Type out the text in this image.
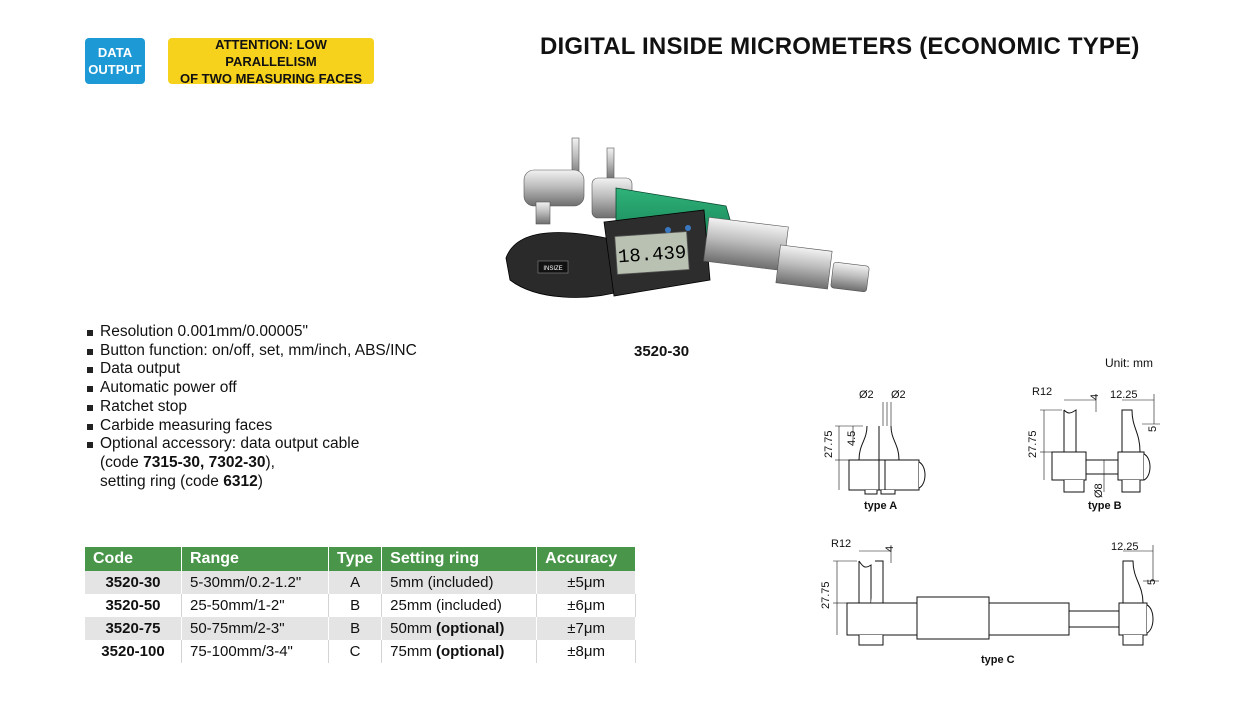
DATA
OUTPUT
ATTENTION: LOW PARALLELISM
OF TWO MEASURING FACES
DIGITAL INSIDE MICROMETERS (ECONOMIC TYPE)
INSIZE
18.439
3520-30
Unit: mm
Resolution 0.001mm/0.00005"
Button function: on/off, set, mm/inch, ABS/INC
Data output
Automatic power off
Ratchet stop
Carbide measuring faces
Optional accessory: data output cable
(code 7315-30, 7302-30),
setting ring (code 6312)
Code	Range	Type	Setting ring	Accuracy
3520-30	5-30mm/0.2-1.2"	A	5mm (included)	±5μm
3520-50	25-50mm/1-2"	B	25mm (included)	±6μm
3520-75	50-75mm/2-3"	B	50mm (optional)	±7μm
3520-100	75-100mm/3-4"	C	75mm (optional)	±8μm
Ø2 Ø2
27.75 4.5
type A
R12	4 12.25
27.75
5
Ø8
type B
R12	4	12.25
27.75	5
type C
